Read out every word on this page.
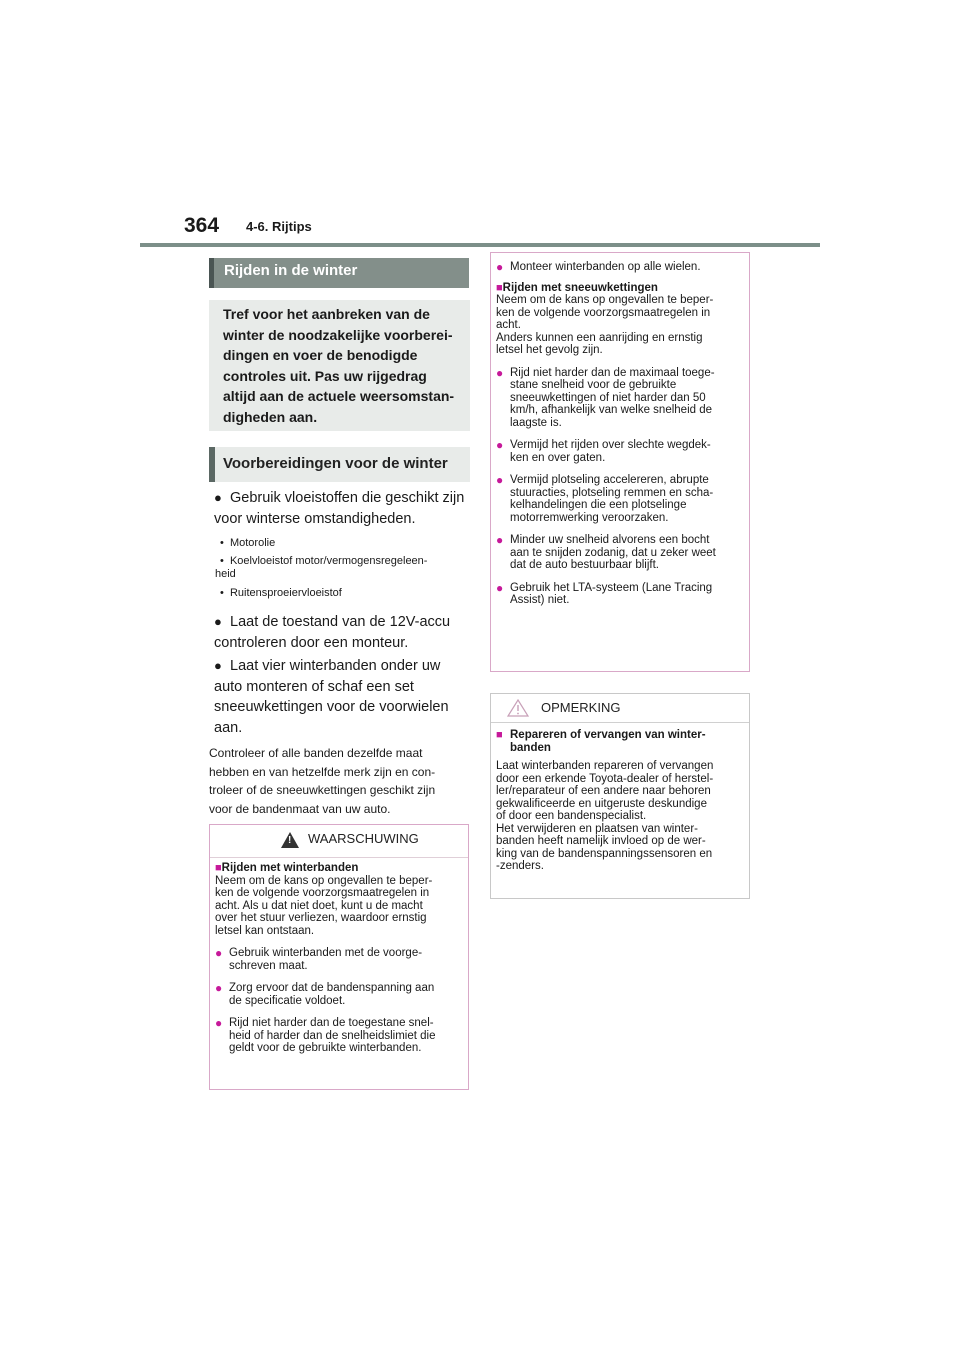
364 4-6. Rijtips
Rijden in de winter
Tref voor het aanbreken van de
winter de noodzakelijke voorberei-
dingen en voer de benodigde
controles uit. Pas uw rijgedrag
altijd aan de actuele weersomstan-
digheden aan.
Voorbereidingen voor de winter
● Gebruik vloeistoffen die geschikt zijn
voor winterse omstandigheden.
•  Motorolie
•  Koelvloeistof motor/vermogensregeleen-
heid
•  Ruitensproeiervloeistof
● Laat de toestand van de 12V-accu
controleren door een monteur.
● Laat vier winterbanden onder uw
auto monteren of schaf een set
sneeuwkettingen voor de voorwielen
aan.
Controleer of alle banden dezelfde maat
hebben en van hetzelfde merk zijn en con-
troleer of de sneeuwkettingen geschikt zijn
voor de bandenmaat van uw auto.
! WAARSCHUWING
■Rijden met winterbanden
Neem om de kans op ongevallen te beper-
ken de volgende voorzorgsmaatregelen in
acht. Als u dat niet doet, kunt u de macht
over het stuur verliezen, waardoor ernstig
letsel kan ontstaan.
● Gebruik winterbanden met de voorge-
schreven maat.
● Zorg ervoor dat de bandenspanning aan
de specificatie voldoet.
● Rijd niet harder dan de toegestane snel-
heid of harder dan de snelheidslimiet die
geldt voor de gebruikte winterbanden.
● Monteer winterbanden op alle wielen.
■Rijden met sneeuwkettingen
Neem om de kans op ongevallen te beper-
ken de volgende voorzorgsmaatregelen in
acht.
Anders kunnen een aanrijding en ernstig
letsel het gevolg zijn.
● Rijd niet harder dan de maximaal toege-
stane snelheid voor de gebruikte
sneeuwkettingen of niet harder dan 50
km/h, afhankelijk van welke snelheid de
laagste is.
● Vermijd het rijden over slechte wegdek-
ken en over gaten.
● Vermijd plotseling accelereren, abrupte
stuuracties, plotseling remmen en scha-
kelhandelingen die een plotselinge
motorremwerking veroorzaken.
● Minder uw snelheid alvorens een bocht
aan te snijden zodanig, dat u zeker weet
dat de auto bestuurbaar blijft.
● Gebruik het LTA-systeem (Lane Tracing
Assist) niet.
OPMERKING
■ Repareren of vervangen van winter-
banden
Laat winterbanden repareren of vervangen
door een erkende Toyota-dealer of herstel-
ler/reparateur of een andere naar behoren
gekwalificeerde en uitgeruste deskundige
of door een bandenspecialist.
Het verwijderen en plaatsen van winter-
banden heeft namelijk invloed op de wer-
king van de bandenspanningssensoren en
-zenders.
